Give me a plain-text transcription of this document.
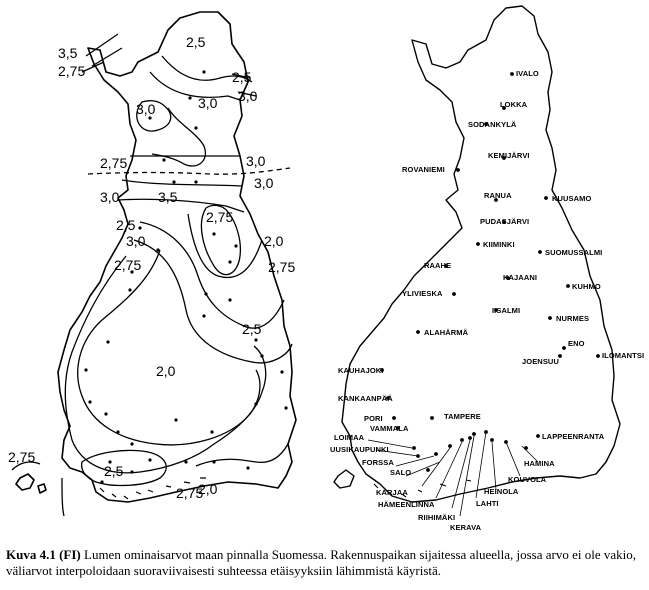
2,5
3,5
2,75	2,5
3,0
3,0	3,0
2,75	3,0
3,0
3,0	3,5
2,75
2,5
3,0	2,0
2,75	2,75
2,5
2,0
2,75
2,5
2,75
2,0
IVALO
LOKKA
SODANKYLÄ
KEMIJÄRVI
ROVANIEMI
RANUA	KUUSAMO
PUDASJÄRVI
KIIMINKI
SUOMUSSALMI
RAAHE
KAJAANI
KUHMO
YLIVIESKA
IISALMI
NURMES
ALAHÄRMÄ
ENO
JOENSUU
ILOMANTSI
KAUHAJOKI
KANKAANPÄÄ
PORI	TAMPERE
VAMMALA
LOIMAA	LAPPEENRANTA
UUSIKAUPUNKI
FORSSA	HAMINA
SALO
KOUVOLA
KARJAA	HEINOLA
HÄMEENLINNA	LAHTI
RIIHIMÄKI
KERAVA
Kuva 4.1 (FI) Lumen ominaisarvot maan pinnalla Suomessa. Rakennuspaikan sijaitessa alueella, jossa arvo ei ole vakio, väliarvot interpoloidaan suoraviivaisesti suhteessa etäisyyksiin lähimmistä käyristä.
